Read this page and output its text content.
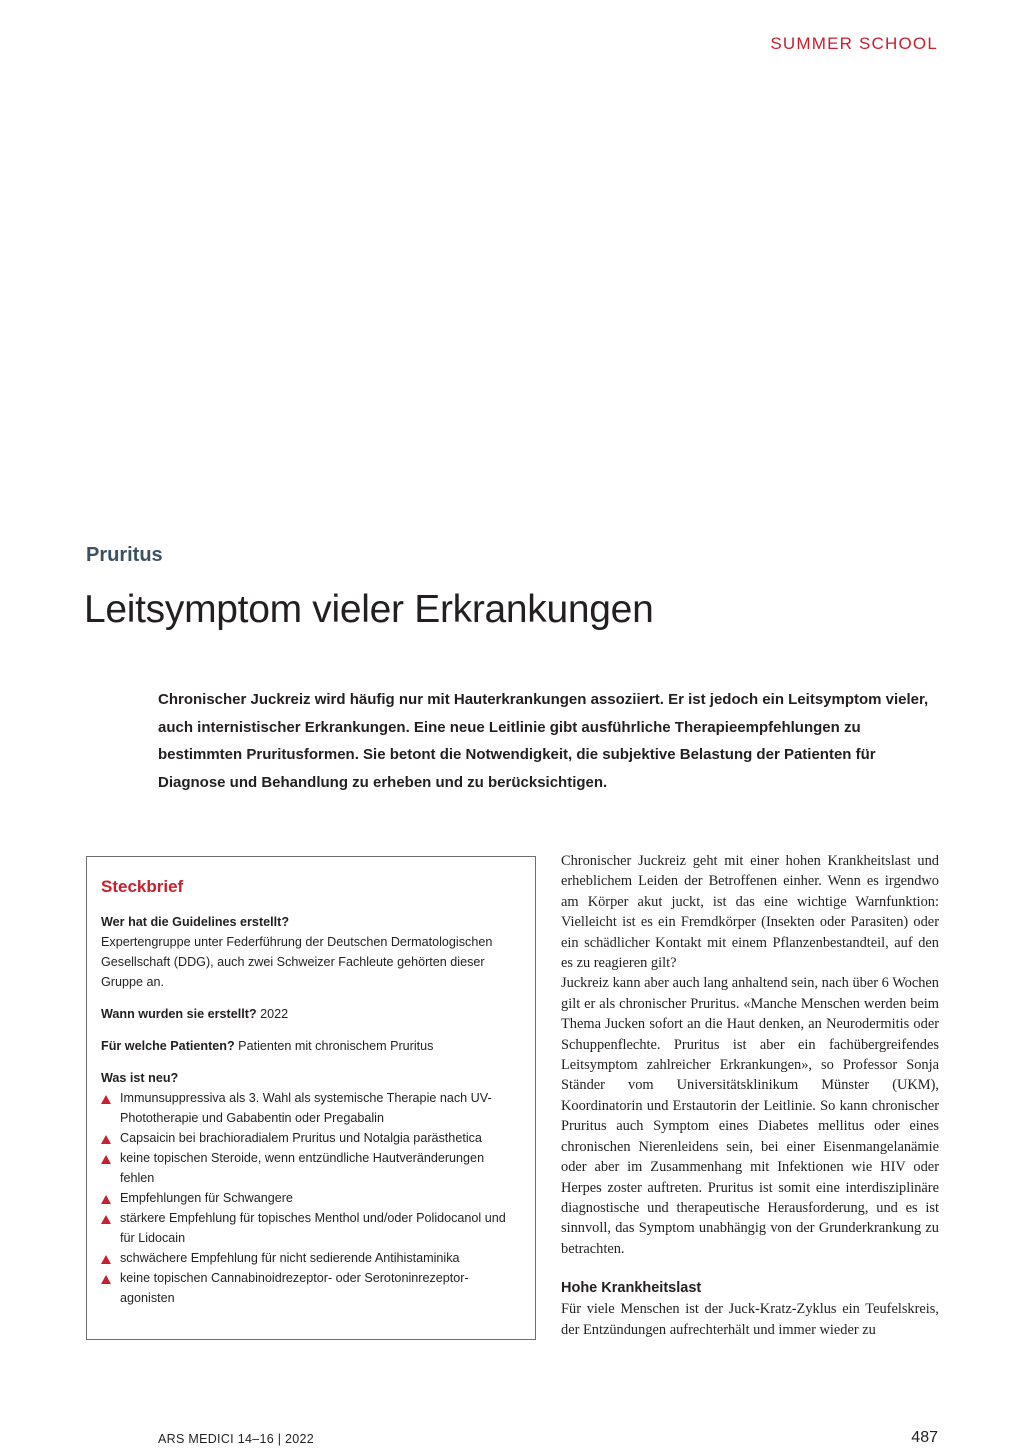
SUMMER SCHOOL
Pruritus
Leitsymptom vieler Erkrankungen
Chronischer Juckreiz wird häufig nur mit Hauterkrankungen assoziiert. Er ist jedoch ein Leitsymptom vieler, auch internistischer Erkrankungen. Eine neue Leitlinie gibt ausführliche Therapieempfehlungen zu bestimmten Pruritusformen. Sie betont die Notwendigkeit, die subjektive Belastung der Patienten für Diagnose und Behandlung zu erheben und zu berücksichtigen.
Steckbrief
Wer hat die Guidelines erstellt?
Expertengruppe unter Federführung der Deutschen Dermatologischen Gesellschaft (DDG), auch zwei Schweizer Fachleute gehörten dieser Gruppe an.
Wann wurden sie erstellt? 2022
Für welche Patienten? Patienten mit chronischem Pruritus
Was ist neu?
Immunsuppressiva als 3. Wahl als systemische Therapie nach UV-Phototherapie und Gababentin oder Pregabalin
Capsaicin bei brachioradialem Pruritus und Notalgia parästhetica
keine topischen Steroide, wenn entzündliche Hautveränderungen fehlen
Empfehlungen für Schwangere
stärkere Empfehlung für topisches Menthol und/oder Polidocanol und für Lidocain
schwächere Empfehlung für nicht sedierende Antihistaminika
keine topischen Cannabinoidrezeptor- oder Serotoninrezeptor-agonisten

Chronischer Juckreiz geht mit einer hohen Krankheitslast und erheblichem Leiden der Betroffenen einher. Wenn es irgendwo am Körper akut juckt, ist das eine wichtige Warnfunktion: Vielleicht ist es ein Fremdkörper (Insekten oder Parasiten) oder ein schädlicher Kontakt mit einem Pflanzenbestandteil, auf den es zu reagieren gilt?

Juckreiz kann aber auch lang anhaltend sein, nach über 6 Wochen gilt er als chronischer Pruritus. «Manche Menschen werden beim Thema Jucken sofort an die Haut denken, an Neurodermitis oder Schuppenflechte. Pruritus ist aber ein fachübergreifendes Leitsymptom zahlreicher Erkrankungen», so Professor Sonja Ständer vom Universitätsklinikum Münster (UKM), Koordinatorin und Erstautorin der Leitlinie. So kann chronischer Pruritus auch Symptom eines Diabetes mellitus oder eines chronischen Nierenleidens sein, bei einer Eisenmangelanämie oder aber im Zusammenhang mit Infektionen wie HIV oder Herpes zoster auftreten. Pruritus ist somit eine interdisziplinäre diagnostische und therapeutische Herausforderung, und es ist sinnvoll, das Symptom unabhängig von der Grunderkrankung zu betrachten.

Hohe Krankheitslast

Für viele Menschen ist der Juck-Kratz-Zyklus ein Teufelskreis, der Entzündungen aufrechterhält und immer wieder zu

ARS MEDICI 14–16 | 2022	487
